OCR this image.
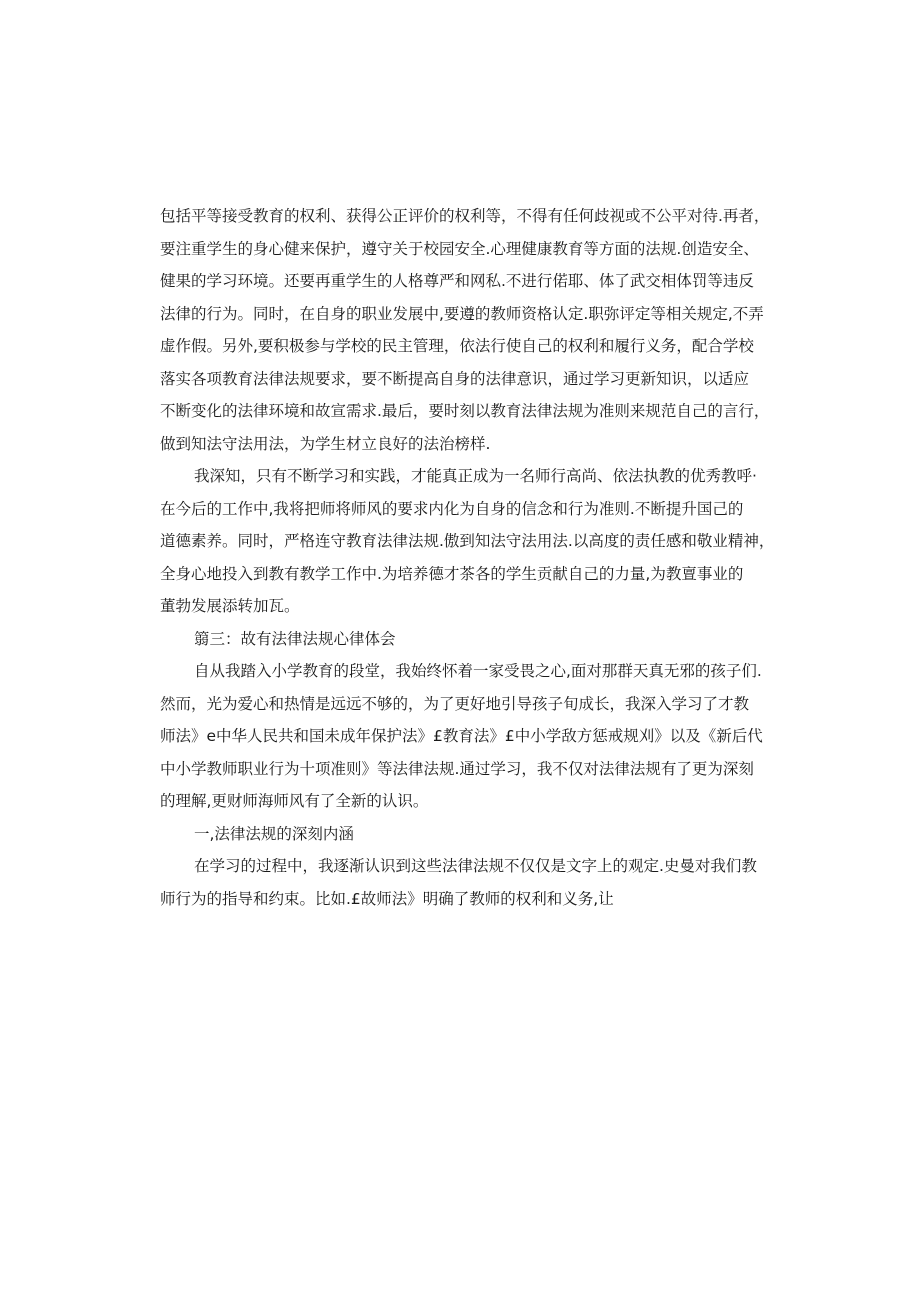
包括平等接受教育的权利、获得公正评价的权利等，不得有任何歧视或不公平对待.再者，
要注重学生的身心健来保护，遵守关于校园安全.心理健康教育等方面的法规.创造安全、
健果的学习环境。还要再重学生的人格尊严和网私.不进行偌耶、体了武交相体罚等违反
法律的行为。同时，在自身的职业发展中,要遵的教师资格认定.职弥评定等相关规定,不弄
虚作假。另外,要积极参与学校的民主管理，依法行使自己的权利和履行义务，配合学校
落实各项教育法律法规要求，要不断提高自身的法律意识，通过学习更新知识，以适应
不断变化的法律环境和故宣需求.最后，要时刻以教育法律法规为准则来规范自己的言行，
做到知法守法用法，为学生材立良好的法治榜样.
我深知，只有不断学习和实践，才能真正成为一名师行高尚、依法执教的优秀教呼·
在今后的工作中,我将把师将师风的要求内化为自身的信念和行为准则.不断提升国己的
道德素养。同时，严格连守教育法律法规.傲到知法守法用法.以高度的责任感和敬业精神，
全身心地投入到教有教学工作中.为培养德才茶各的学生贡献自己的力量,为教亶事业的
董勃发展添转加瓦。
篛三：故有法律法规心律体会
自从我踏入小学教育的段堂，我始终怀着一家受畏之心,面对那群天真无邪的孩子们.
然而，光为爱心和热情是远远不够的，为了更好地引导孩子旬成长，我深入学习了才教
师法》e中华人民共和国未成年保护法》£教育法》£中小学敌方惩戒规刈》以及《新后代
中小学教师职业行为十项准则》等法律法规.通过学习，我不仅对法律法规有了更为深刻
的理解,更财师海师风有了全新的认识。
一,法律法规的深刻内涵
在学习的过程中，我逐渐认识到这些法律法规不仅仅是文字上的观定.史曼对我们教
师行为的指导和约束。比如.£故师法》明确了教师的权利和义务,让
